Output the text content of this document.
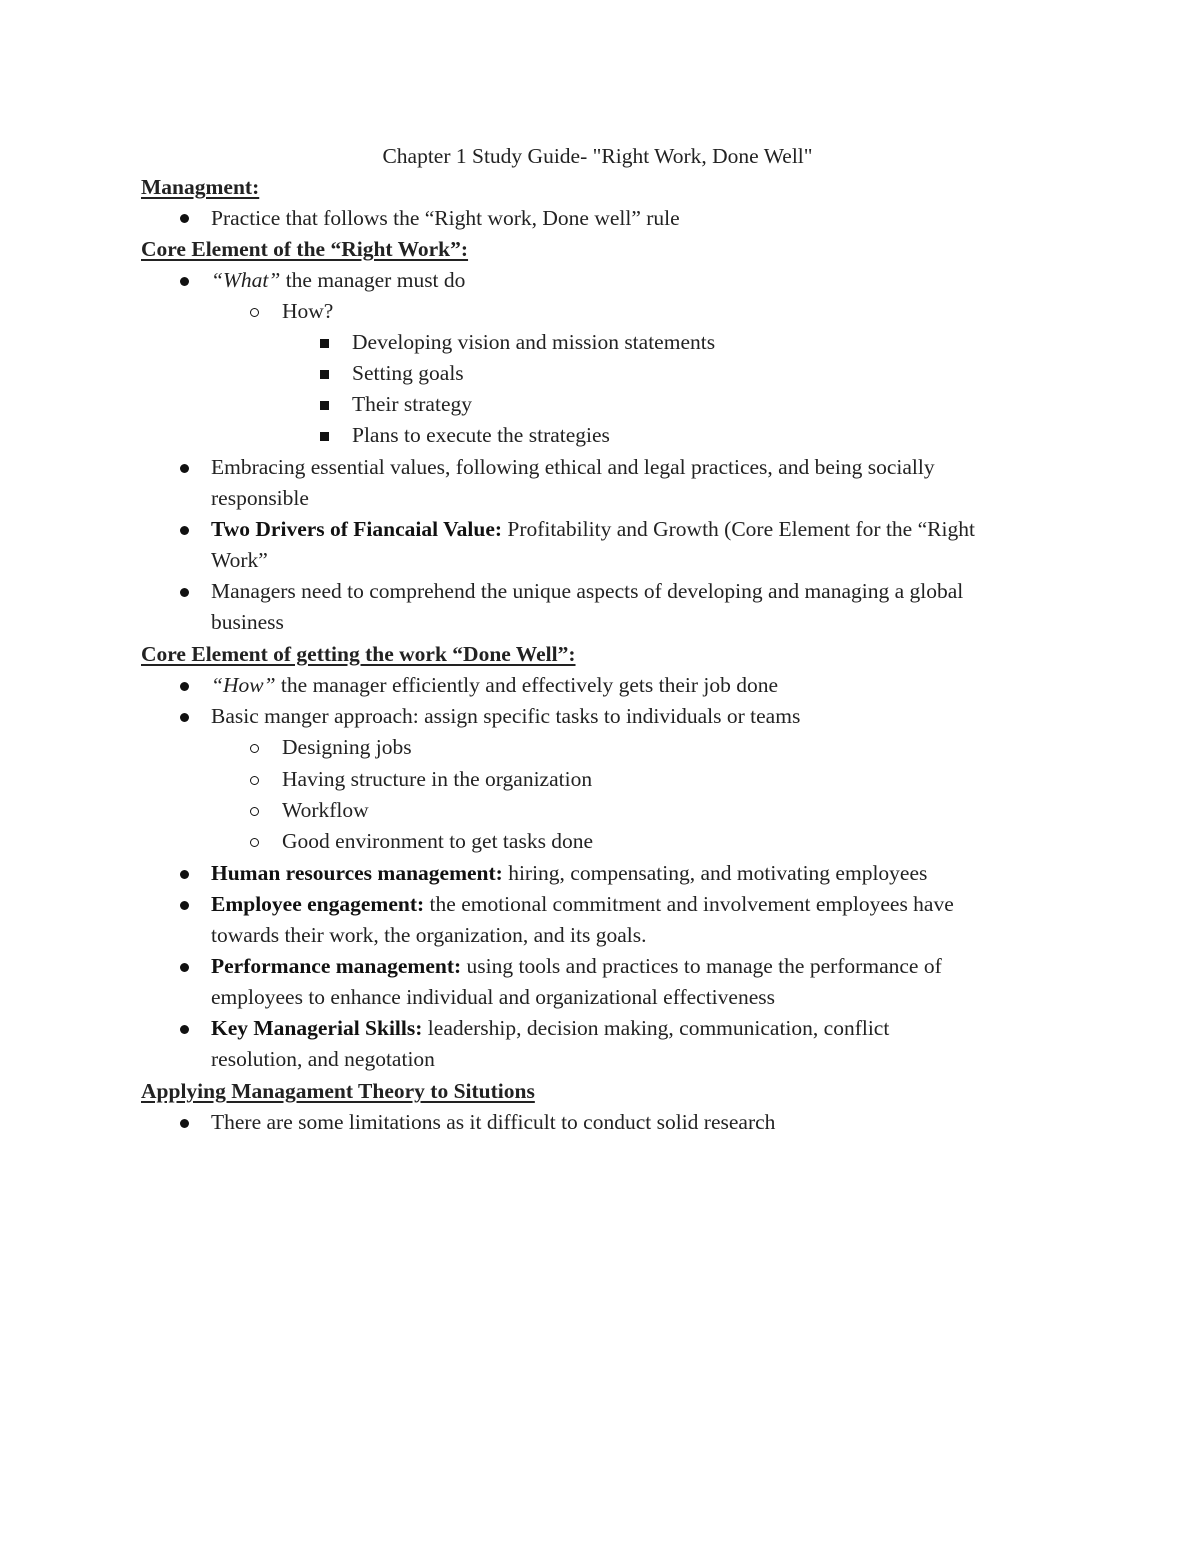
Chapter 1 Study Guide- "Right Work, Done Well"
Managment:
Practice that follows the “Right work, Done well” rule
Core Element of the “Right Work”:
“What” the manager must do
How?
Developing vision and mission statements
Setting goals
Their strategy
Plans to execute the strategies
Embracing essential values, following ethical and legal practices, and being socially
responsible
Two Drivers of Fiancaial Value: Profitability and Growth (Core Element for the “Right
Work”
Managers need to comprehend the unique aspects of developing and managing a global
business
Core Element of getting the work “Done Well”:
“How” the manager efficiently and effectively gets their job done
Basic manger approach: assign specific tasks to individuals or teams
Designing jobs
Having structure in the organization
Workflow
Good environment to get tasks done
Human resources management: hiring, compensating, and motivating employees
Employee engagement: the emotional commitment and involvement employees have
towards their work, the organization, and its goals.
Performance management: using tools and practices to manage the performance of
employees to enhance individual and organizational effectiveness
Key Managerial Skills: leadership, decision making, communication, conflict
resolution, and negotation
Applying Managament Theory to Situtions
There are some limitations as it difficult to conduct solid research
